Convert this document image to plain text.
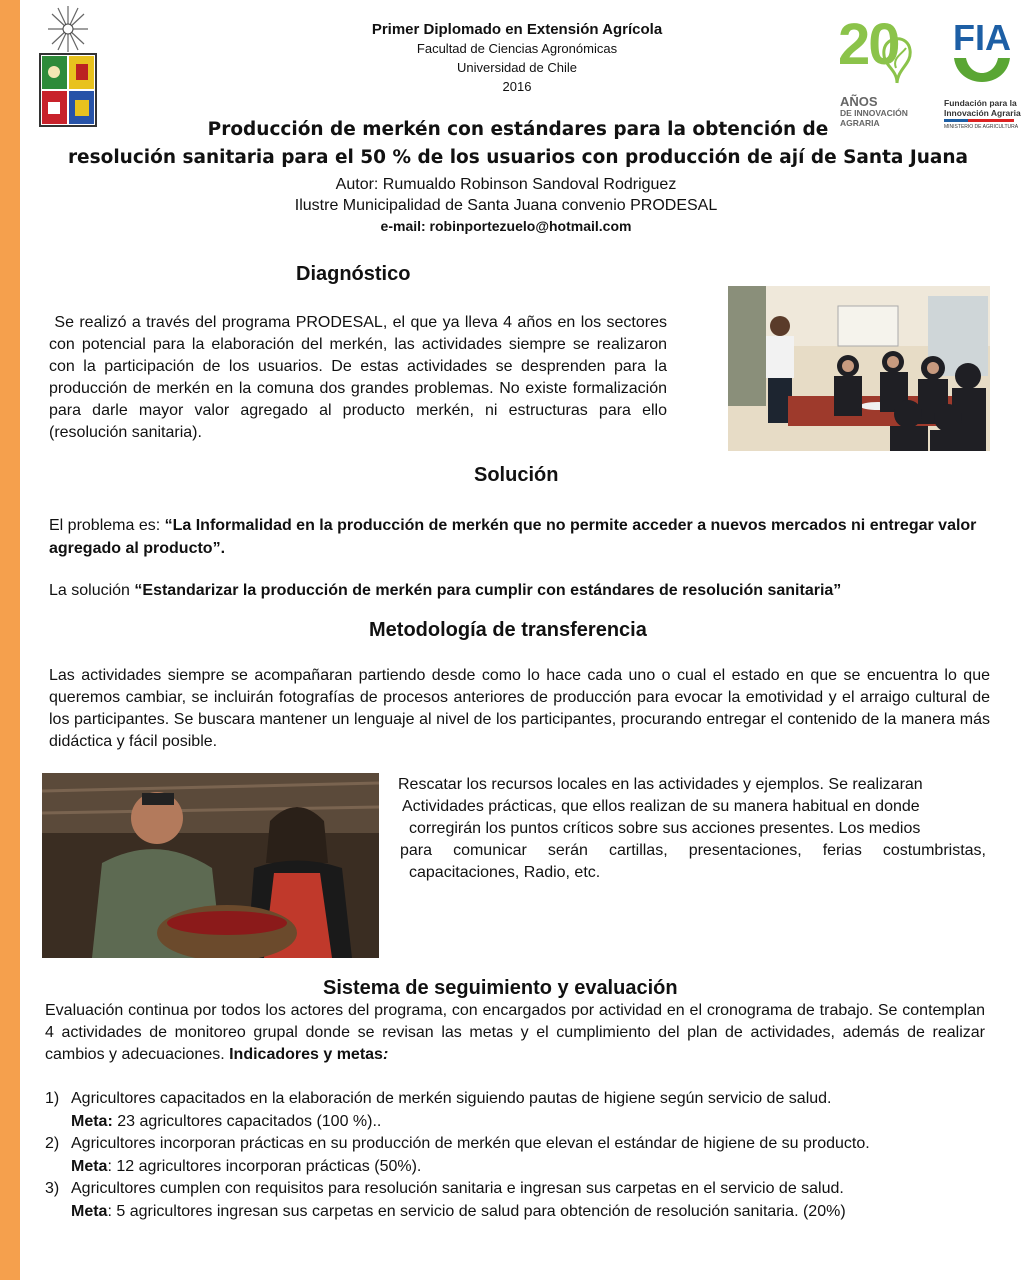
Primer Diplomado en Extensión Agrícola
Facultad de Ciencias Agronómicas
Universidad de Chile
2016
20
AÑOS
DE INNOVACIÓN
AGRARIA
FIA
Fundación para la
Innovación Agraria
MINISTERIO DE AGRICULTURA
Producción de merkén con estándares para la obtención de
resolución sanitaria para el 50 % de los usuarios con producción de ají de Santa Juana
Autor: Rumualdo Robinson Sandoval Rodriguez
Ilustre Municipalidad de Santa Juana convenio PRODESAL
e-mail: robinportezuelo@hotmail.com
Diagnóstico
Se realizó a través del programa PRODESAL, el que ya lleva 4 años en los sectores con potencial para la elaboración del merkén, las actividades siempre se realizaron con la participación de los usuarios. De estas actividades se desprenden para la producción de merkén en la comuna dos grandes problemas. No existe formalización para darle mayor valor agregado al producto merkén, ni estructuras para ello (resolución sanitaria).
Solución
El problema es: “La Informalidad en la producción de merkén que no permite acceder a nuevos mercados ni entregar valor agregado al producto”.
La solución “Estandarizar la producción de merkén para cumplir con estándares de resolución sanitaria”
Metodología de transferencia
Las actividades siempre se acompañaran partiendo desde como lo hace cada uno o cual el estado en que se encuentra lo que queremos cambiar, se incluirán fotografías de procesos anteriores de producción para evocar la emotividad y el arraigo cultural de los participantes. Se buscara mantener un lenguaje al nivel de los participantes, procurando entregar el contenido de la manera más didáctica y fácil posible.
Rescatar los recursos locales en las actividades y ejemplos. Se realizaran
Actividades prácticas, que ellos realizan de su manera habitual en donde
corregirán los puntos críticos sobre sus acciones presentes. Los medios
para comunicar serán cartillas, presentaciones, ferias costumbristas,
capacitaciones, Radio, etc.
Sistema de seguimiento y evaluación
Evaluación continua por todos los actores del programa, con encargados por actividad en el cronograma de trabajo. Se contemplan 4 actividades de monitoreo grupal donde se revisan las metas y el cumplimiento del plan de actividades, además de realizar cambios y adecuaciones. Indicadores y metas:
1) Agricultores capacitados en la elaboración de merkén siguiendo pautas de higiene según servicio de salud.
Meta: 23 agricultores capacitados (100 %)..
2) Agricultores incorporan prácticas en su producción de merkén que elevan el estándar de higiene de su producto.
Meta: 12 agricultores incorporan prácticas (50%).
3) Agricultores cumplen con requisitos para resolución sanitaria e ingresan sus carpetas en el servicio de salud.
Meta: 5 agricultores ingresan sus carpetas en servicio de salud para obtención de resolución sanitaria. (20%)
